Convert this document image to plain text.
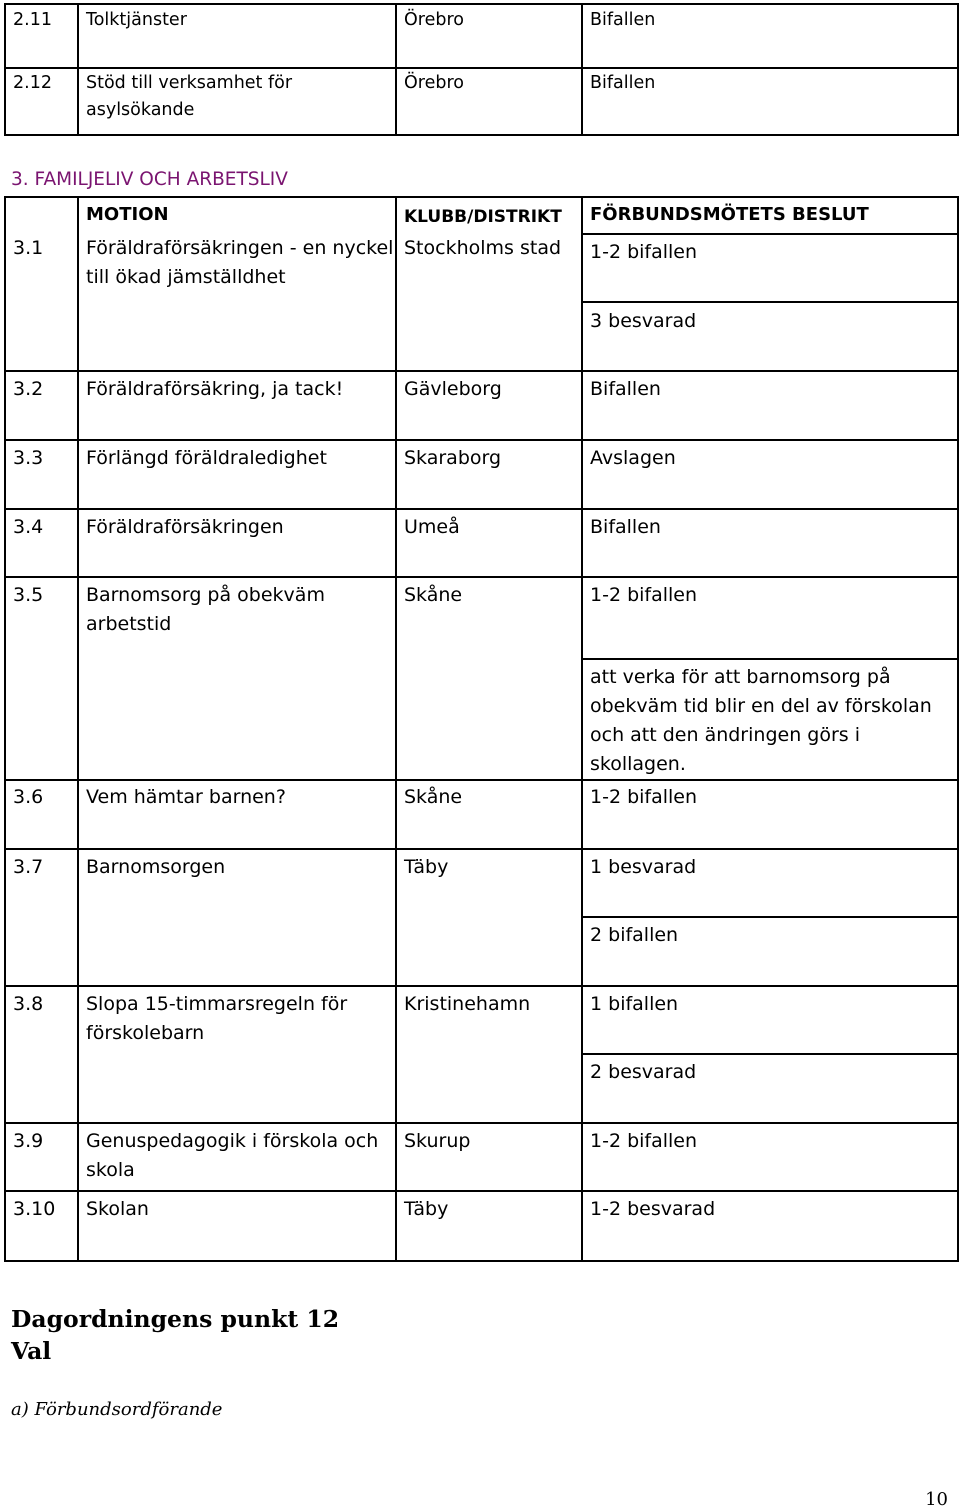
2.11	Tolktjänster	Örebro	Bifallen
2.12	Stöd till verksamhet för asylsökande	Örebro	Bifallen
3. FAMILJELIV OCH ARBETSLIV
	MOTION	KLUBB/DISTRIKT	FÖRBUNDSMÖTETS BESLUT
3.1	Föräldraförsäkringen - en nyckel till ökad jämställdhet	Stockholms stad	1-2 bifallen
			3 besvarad
3.2	Föräldraförsäkring, ja tack!	Gävleborg	Bifallen
3.3	Förlängd föräldraledighet	Skaraborg	Avslagen
3.4	Föräldraförsäkringen	Umeå	Bifallen
3.5	Barnomsorg på obekväm arbetstid	Skåne	1-2 bifallen
			att verka för att barnomsorg på obekväm tid blir en del av förskolan och att den ändringen görs i skollagen.
3.6	Vem hämtar barnen?	Skåne	1-2 bifallen
3.7	Barnomsorgen	Täby	1 besvarad
			2 bifallen
3.8	Slopa 15-timmarsregeln för förskolebarn	Kristinehamn	1 bifallen
			2 besvarad
3.9	Genuspedagogik i förskola och skola	Skurup	1-2 bifallen
3.10	Skolan	Täby	1-2 besvarad
Dagordningens punkt 12
Val

a) Förbundsordförande

10
